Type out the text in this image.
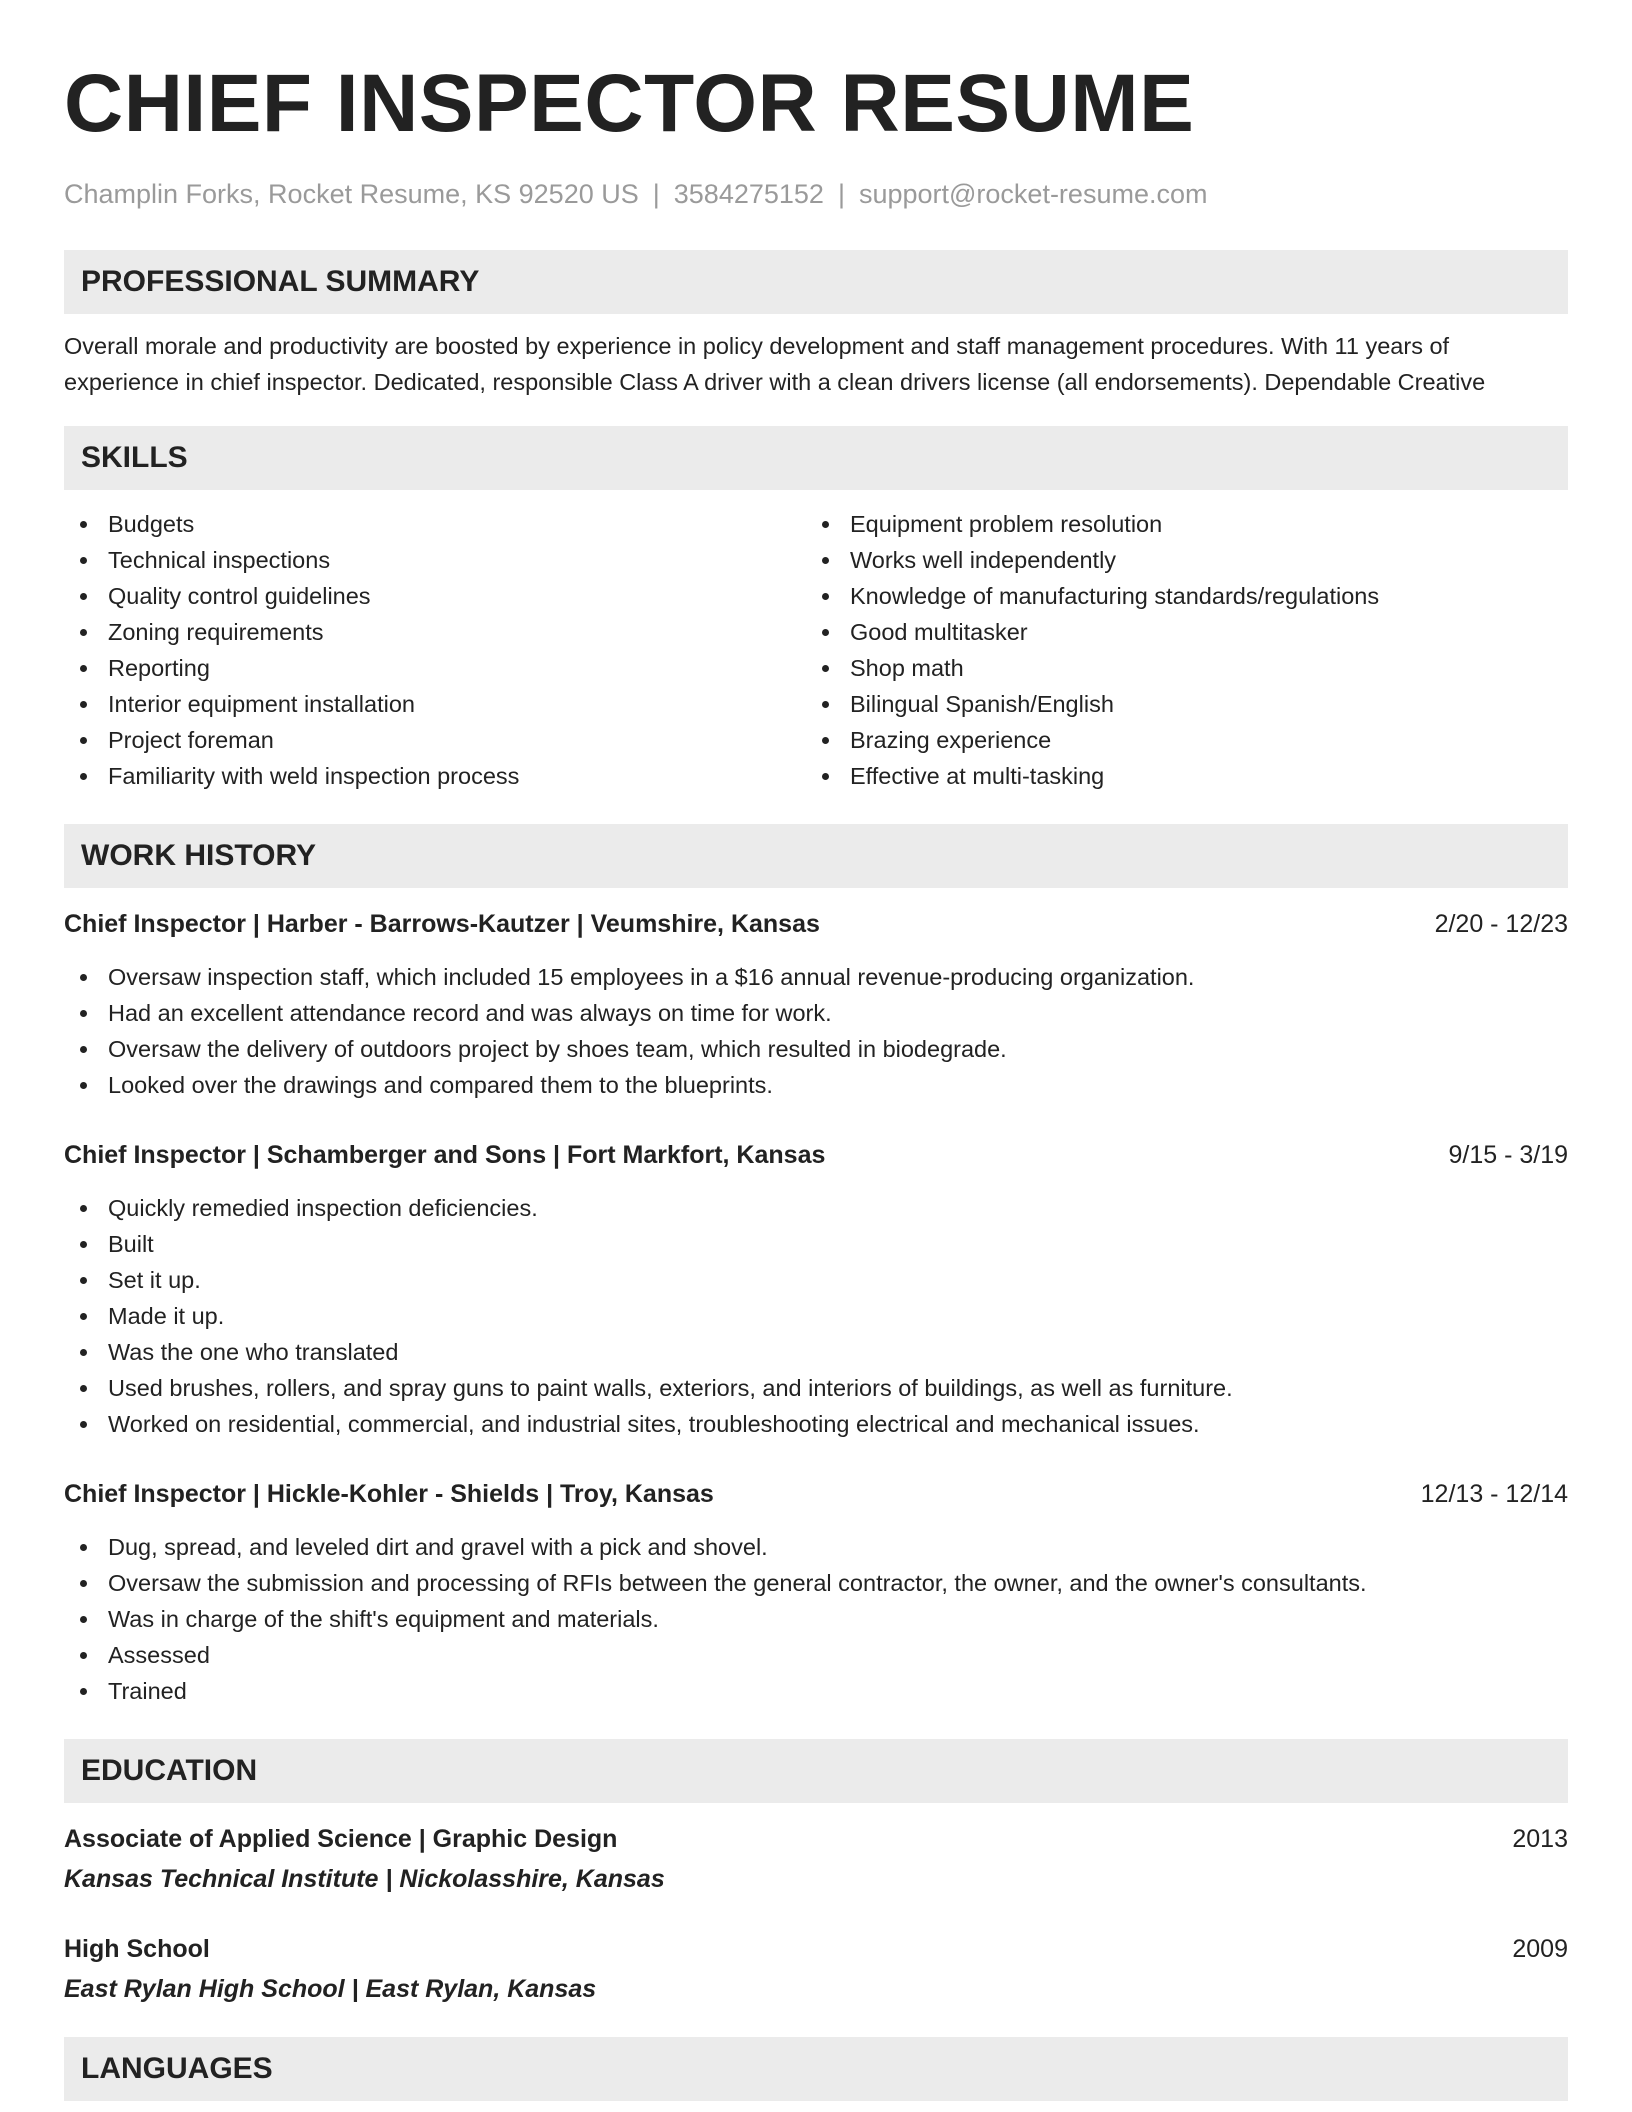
CHIEF INSPECTOR RESUME
Champlin Forks, Rocket Resume, KS 92520 US | 3584275152 | support@rocket-resume.com
PROFESSIONAL SUMMARY

Overall morale and productivity are boosted by experience in policy development and staff management procedures. With 11 years of experience in chief inspector. Dedicated, responsible Class A driver with a clean drivers license (all endorsements). Dependable Creative

SKILLS
Budgets
Technical inspections
Quality control guidelines
Zoning requirements
Reporting
Interior equipment installation
Project foreman
Familiarity with weld inspection process
Equipment problem resolution
Works well independently
Knowledge of manufacturing standards/regulations
Good multitasker
Shop math
Bilingual Spanish/English
Brazing experience
Effective at multi-tasking
WORK HISTORY
Chief Inspector | Harber - Barrows-Kautzer | Veumshire, Kansas	2/20 - 12/23
Oversaw inspection staff, which included 15 employees in a $16 annual revenue-producing organization.
Had an excellent attendance record and was always on time for work.
Oversaw the delivery of outdoors project by shoes team, which resulted in biodegrade.
Looked over the drawings and compared them to the blueprints.
Chief Inspector | Schamberger and Sons | Fort Markfort, Kansas	9/15 - 3/19
Quickly remedied inspection deficiencies.
Built
Set it up.
Made it up.
Was the one who translated
Used brushes, rollers, and spray guns to paint walls, exteriors, and interiors of buildings, as well as furniture.
Worked on residential, commercial, and industrial sites, troubleshooting electrical and mechanical issues.
Chief Inspector | Hickle-Kohler - Shields | Troy, Kansas	12/13 - 12/14
Dug, spread, and leveled dirt and gravel with a pick and shovel.
Oversaw the submission and processing of RFIs between the general contractor, the owner, and the owner's consultants.
Was in charge of the shift's equipment and materials.
Assessed
Trained
EDUCATION
Associate of Applied Science | Graphic Design	2013
Kansas Technical Institute | Nickolasshire, Kansas
High School	2009
East Rylan High School | East Rylan, Kansas
LANGUAGES
